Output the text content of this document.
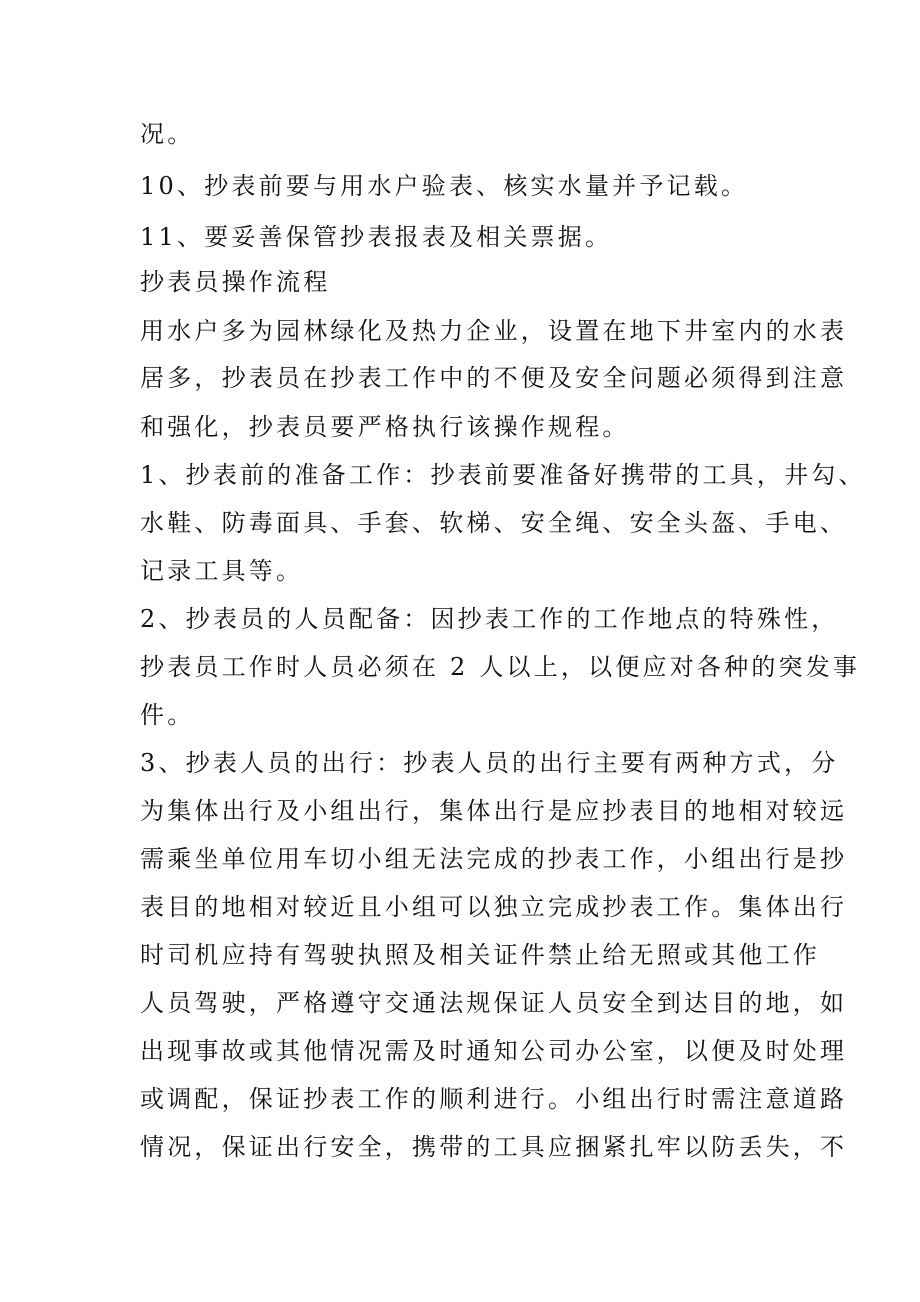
况。

10、抄表前要与用水户验表、核实水量并予记载。

11、要妥善保管抄表报表及相关票据。

抄表员操作流程

用水户多为园林绿化及热力企业，设置在地下井室内的水表

居多，抄表员在抄表工作中的不便及安全问题必须得到注意

和强化，抄表员要严格执行该操作规程。

1、抄表前的准备工作：抄表前要准备好携带的工具，井勾、

水鞋、防毒面具、手套、软梯、安全绳、安全头盔、手电、

记录工具等。

2、抄表员的人员配备：因抄表工作的工作地点的特殊性，

抄表员工作时人员必须在 2 人以上，以便应对各种的突发事

件。

3、抄表人员的出行：抄表人员的出行主要有两种方式，分

为集体出行及小组出行，集体出行是应抄表目的地相对较远

需乘坐单位用车切小组无法完成的抄表工作，小组出行是抄

表目的地相对较近且小组可以独立完成抄表工作。集体出行

时司机应持有驾驶执照及相关证件禁止给无照或其他工作

人员驾驶，严格遵守交通法规保证人员安全到达目的地，如

出现事故或其他情况需及时通知公司办公室，以便及时处理

或调配，保证抄表工作的顺利进行。小组出行时需注意道路

情况，保证出行安全，携带的工具应捆紧扎牢以防丢失，不
